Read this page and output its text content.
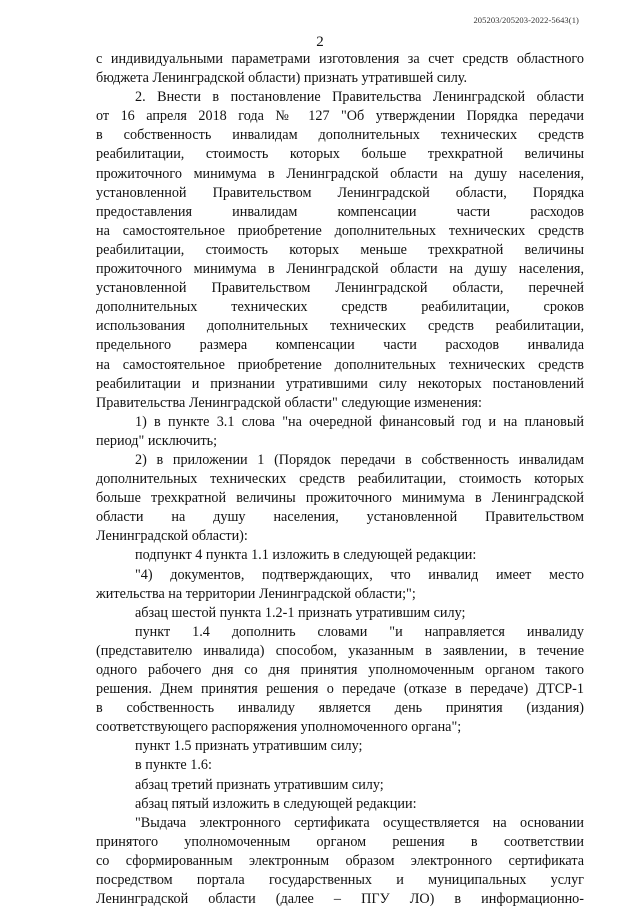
205203/205203-2022-5643(1)
2
с индивидуальными параметрами изготовления за счет средств областного
бюджета Ленинградской области) признать утратившей силу.
2. Внести в постановление Правительства Ленинградской области
от 16 апреля 2018 года № 127 "Об утверждении Порядка передачи
в собственность инвалидам дополнительных технических средств
реабилитации, стоимость которых больше трехкратной величины
прожиточного минимума в Ленинградской области на душу населения,
установленной Правительством Ленинградской области, Порядка
предоставления инвалидам компенсации части расходов
на самостоятельное приобретение дополнительных технических средств
реабилитации, стоимость которых меньше трехкратной величины
прожиточного минимума в Ленинградской области на душу населения,
установленной Правительством Ленинградской области, перечней
дополнительных технических средств реабилитации, сроков
использования дополнительных технических средств реабилитации,
предельного размера компенсации части расходов инвалида
на самостоятельное приобретение дополнительных технических средств
реабилитации и признании утратившими силу некоторых постановлений
Правительства Ленинградской области" следующие изменения:
1) в пункте 3.1 слова "на очередной финансовый год и на плановый
период" исключить;
2) в приложении 1 (Порядок передачи в собственность инвалидам
дополнительных технических средств реабилитации, стоимость которых
больше трехкратной величины прожиточного минимума в Ленинградской
области на душу населения, установленной Правительством
Ленинградской области):
подпункт 4 пункта 1.1 изложить в следующей редакции:
"4) документов, подтверждающих, что инвалид имеет место
жительства на территории Ленинградской области;";
абзац шестой пункта 1.2-1 признать утратившим силу;
пункт 1.4 дополнить словами "и направляется инвалиду
(представителю инвалида) способом, указанным в заявлении, в течение
одного рабочего дня со дня принятия уполномоченным органом такого
решения. Днем принятия решения о передаче (отказе в передаче) ДТСР-1
в собственность инвалиду является день принятия (издания)
соответствующего распоряжения уполномоченного органа";
пункт 1.5 признать утратившим силу;
в пункте 1.6:
абзац третий признать утратившим силу;
абзац пятый изложить в следующей редакции:
"Выдача электронного сертификата осуществляется на основании
принятого уполномоченным органом решения в соответствии
со сформированным электронным образом электронного сертификата
посредством портала государственных и муниципальных услуг
Ленинградской области (далее – ПГУ ЛО) в информационно-
